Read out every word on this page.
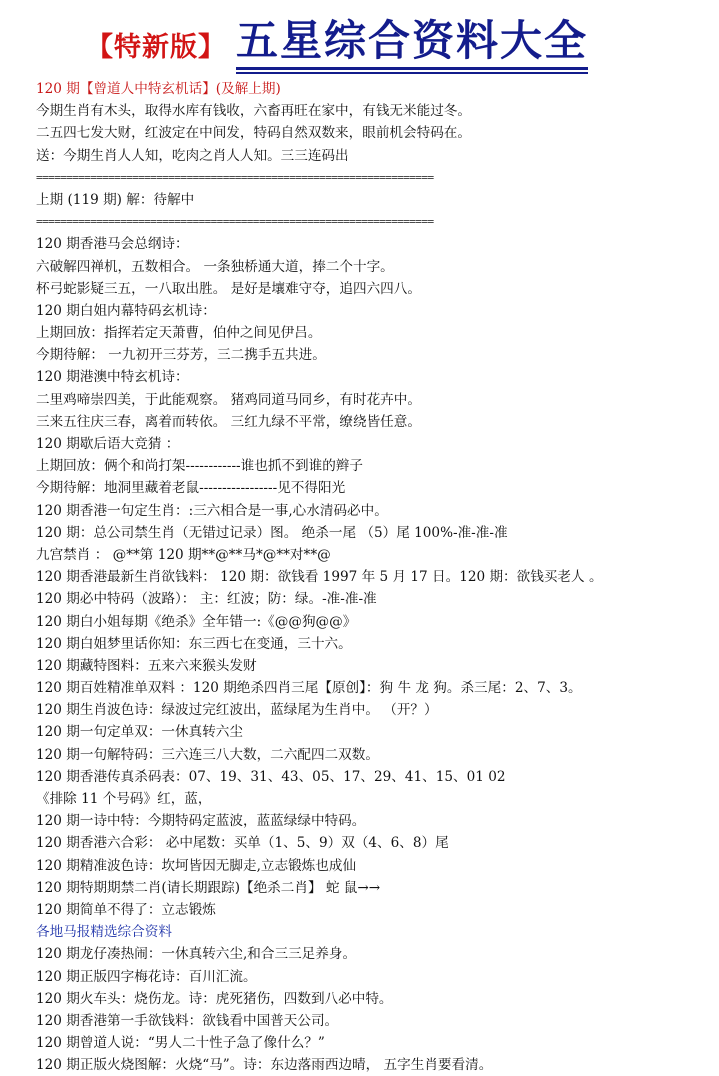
【特新版】 五星综合资料大全
120 期【曾道人中特玄机话】(及解上期)
今期生肖有木头，取得水库有钱收，六畜再旺在家中，有钱无米能过冬。
二五四七发大财，红波定在中间发，特码自然双数来，眼前机会特码在。
送：今期生肖人人知，吃肉之肖人人知。三三连码出
==================================================================
上期 (119 期) 解：待解中
==================================================================
120 期香港马会总纲诗：
六破解四禅机，五数相合。 一条独桥通大道，捧二个十字。
杯弓蛇影疑三五，一八取出胜。 是好是壤难守夺，追四六四八。
120 期白姐内幕特码玄机诗：
上期回放：指挥若定天萧曹，伯仲之间见伊吕。
今期待解： 一九初开三芬芳，三二携手五共进。
120 期港澳中特玄机诗：
二里鸡啼崇四美，于此能观察。 猪鸡同道马同乡，有时花卉中。
三来五往庆三春，离着而转依。 三红九绿不平常，缭绕皆任意。
120 期歇后语大竞猜 ：
上期回放：俩个和尚打架------------谁也抓不到谁的辫子
今期待解：地洞里藏着老鼠-----------------见不得阳光
120 期香港一句定生肖：:三六相合是一事,心水清码必中。
120 期：总公司禁生肖（无错过记录）图。 绝杀一尾 （5）尾 100%-准-准-准
九宫禁肖 ： @**第 120 期**@**马*@**对**@
120 期香港最新生肖欲钱料： 120 期：欲钱看 1997 年 5 月 17 日。120 期：欲钱买老人 。
120 期必中特码（波路）： 主：红波；防：绿。-准-准-准
120 期白小姐每期《绝杀》全年错一:《@@狗@@》
120 期白姐梦里话你知：东三西七在变通，三十六。
120 期藏特图料：五来六来猴头发财
120 期百姓精准单双料 ：120 期绝杀四肖三尾【原创】：狗 牛 龙 狗。杀三尾：2、7、3。
120 期生肖波色诗：绿波过完红波出，蓝绿尾为生肖中。 （开？）
120 期一句定单双：一休真转六尘
120 期一句解特码：三六连三八大数，二六配四二双数。
120 期香港传真杀码表：07、19、31、43、05、17、29、41、15、01 02
《排除 11 个号码》红，蓝，
120 期一诗中特：今期特码定蓝波，蓝蓝绿绿中特码。
120 期香港六合彩： 必中尾数：买单（1、5、9）双（4、6、8）尾
120 期精准波色诗：坎坷皆因无脚走,立志锻炼也成仙
120 期特期期禁二肖(请长期跟踪)【绝杀二肖】 蛇 鼠→→
120 期简单不得了：立志锻炼
各地马报精选综合资料
120 期龙仔凑热闹：一休真转六尘,和合三三足养身。
120 期正版四字梅花诗：百川汇流。
120 期火车头：烧伤龙。诗：虎死猪伤，四数到八必中特。
120 期香港第一手欲钱料：欲钱看中国普天公司。
120 期曾道人说：“男人二十性子急了像什么？”
120 期正版火烧图解：火烧“马”。诗：东边落雨西边晴， 五字生肖要看清。
